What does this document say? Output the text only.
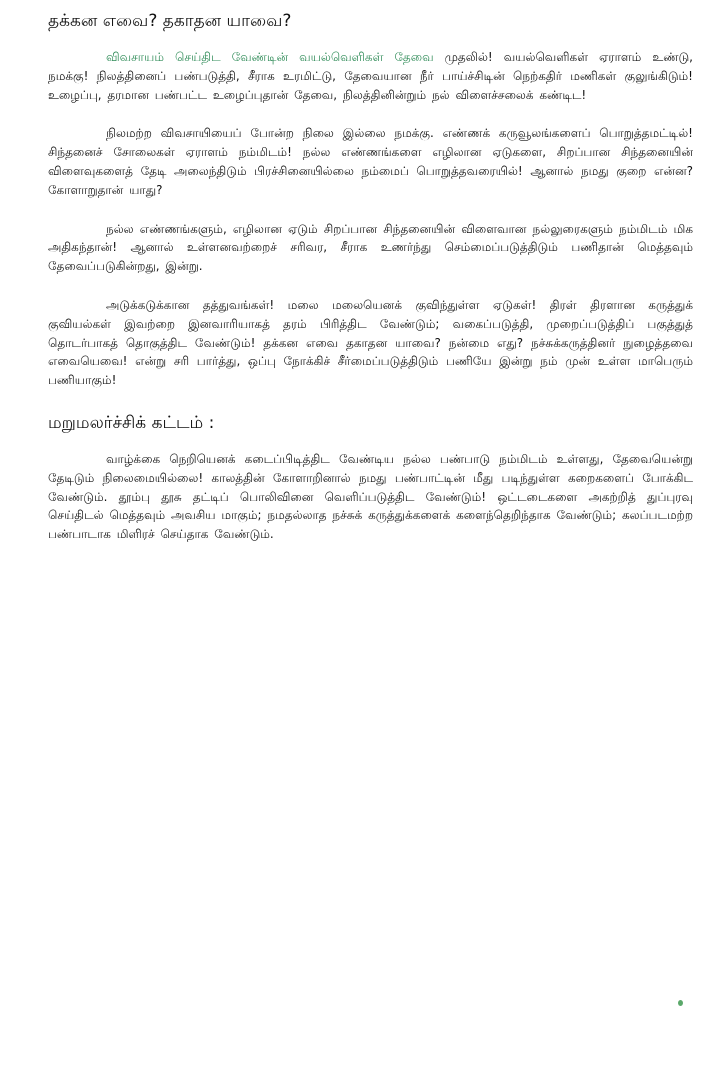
தக்கன எவை? தகாதன யாவை?

விவசாயம் செய்திட வேண்டின் வயல்வெளிகள் தேவை முதலில்! வயல்வெளிகள் ஏராளம் உண்டு, நமக்கு! நிலத்தினைப் பண்படுத்தி, சீராக உரமிட்டு, தேவையான நீர் பாய்ச்சிடின் நெற்கதிர் மணிகள் குலுங்கிடும்! உழைப்பு, தரமான பண்பட்ட உழைப்புதான் தேவை, நிலத்தினின்றும் நல் விளைச்சலைக் கண்டிட!

நிலமற்ற விவசாயியைப் போன்ற நிலை இல்லை நமக்கு. எண்ணக் கருவூலங்களைப் பொறுத்தமட்டில்! சிந்தனைச் சோலைகள் ஏராளம் நம்மிடம்! நல்ல எண்ணங்களை எழிலான ஏடுகளை, சிறப்பான சிந்தனையின் விளைவுகளைத் தேடி அலைந்திடும் பிரச்சினையில்லை நம்மைப் பொறுத்தவரையில்! ஆனால் நமது குறை என்ன? கோளாறுதான் யாது?

நல்ல எண்ணங்களும், எழிலான ஏடும் சிறப்பான சிந்தனையின் விளைவான நல்லுரைகளும் நம்மிடம் மிக அதிகந்தான்! ஆனால் உள்ளனவற்றைச் சரிவர, சீராக உணர்ந்து செம்மைப்படுத்திடும் பணிதான் மெத்தவும் தேவைப்படுகின்றது, இன்று.

அடுக்கடுக்கான தத்துவங்கள்! மலை மலையெனக் குவிந்துள்ள ஏடுகள்! திரள் திரளான கருத்துக் குவியல்கள் இவற்றை இனவாரியாகத் தரம் பிரித்திட வேண்டும்; வகைப்படுத்தி, முறைப்படுத்திப் பகுத்துத் தொடர்பாகத் தொகுத்திட வேண்டும்! தக்கன எவை தகாதன யாவை? நன்மை எது? நச்சுக்கருத்தினர் நுழைத்தவை எவையெவை! என்று சரி பார்த்து, ஒப்பு நோக்கிச் சீர்மைப்படுத்திடும் பணியே இன்று நம் முன் உள்ள மாபெரும் பணியாகும்!

மறுமலர்ச்சிக் கட்டம் :

வாழ்க்கை நெறியெனக் கடைப்பிடித்திட வேண்டிய நல்ல பண்பாடு நம்மிடம் உள்ளது, தேவையென்று தேடிடும் நிலைமையில்லை! காலத்தின் கோளாறினால் நமது பண்பாட்டின் மீது படிந்துள்ள கறைகளைப் போக்கிட வேண்டும். தூம்பு தூசு தட்டிப் பொலிவினை வெளிப்படுத்திட வேண்டும்! ஒட்டடைகளை அகற்றித் துப்புரவு செய்திடல் மெத்தவும் அவசிய மாகும்; நமதல்லாத நச்சுக் கருத்துக்களைக் களைந்தெறிந்தாக வேண்டும்; கலப்படமற்ற பண்பாடாக மிளிரச் செய்தாக வேண்டும்.
